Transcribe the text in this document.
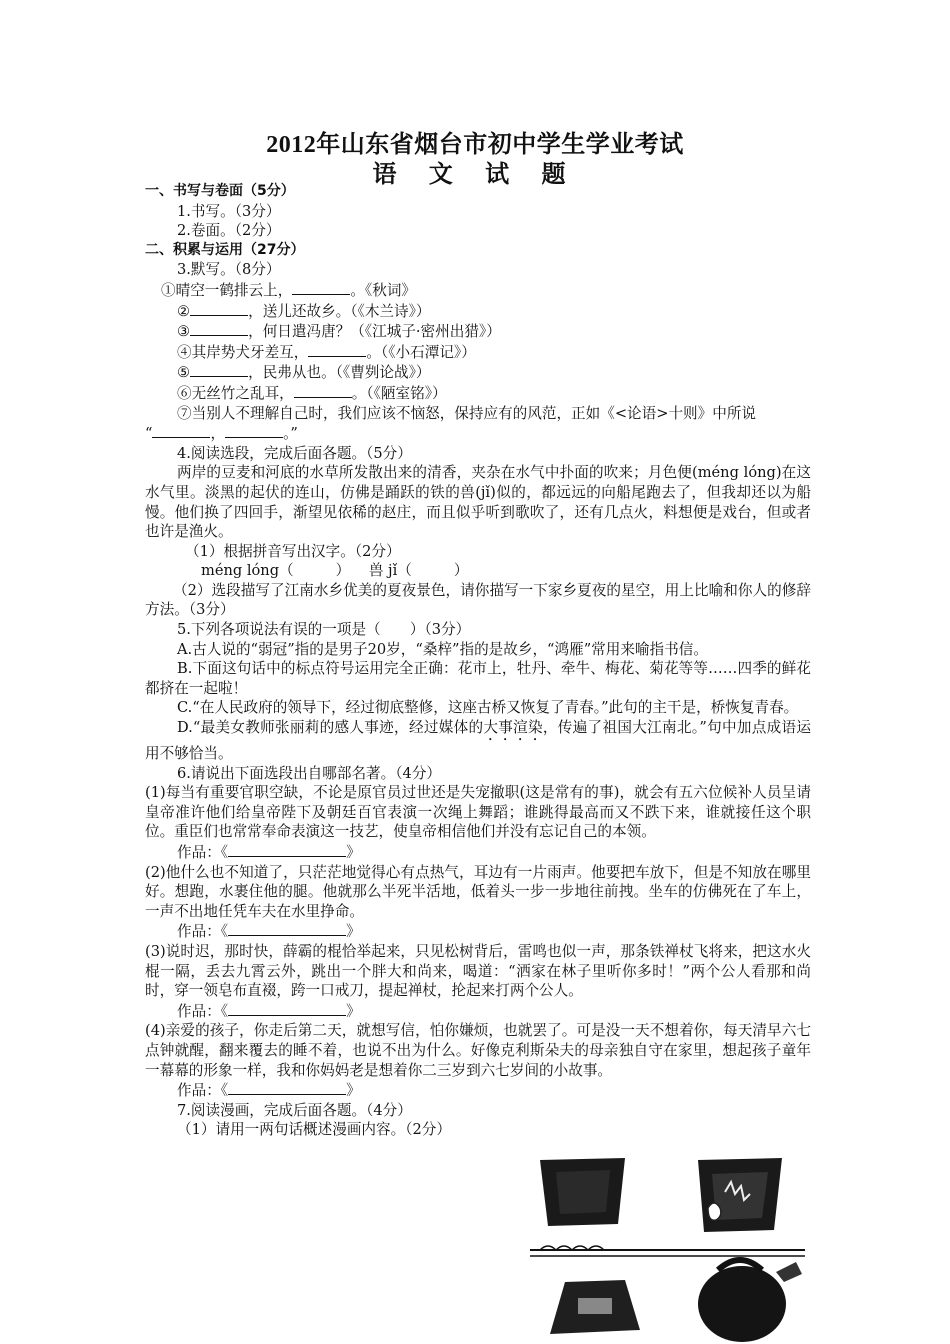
2012年山东省烟台市初中学生学业考试
语 文 试 题

一、书写与卷面（5分）

1.书写。（3分）

2.卷面。（2分）

二、积累与运用（27分）

3.默写。（8分）

①晴空一鹤排云上，	。《秋词》

②	，送儿还故乡。（《木兰诗》）

③	，何日遣冯唐？（《江城子·密州出猎》）

④其岸势犬牙差互，	。（《小石潭记》）

⑤	，民弗从也。（《曹刿论战》）

⑥无丝竹之乱耳，	。（《陋室铭》）

⑦当别人不理解自己时，我们应该不恼怒，保持应有的风范，正如《<论语>十则》中所说

“	，	。”

4.阅读选段，完成后面各题。（5分）

两岸的豆麦和河底的水草所发散出来的清香，夹杂在水气中扑面的吹来；月色便(méng lóng)在这水气里。淡黑的起伏的连山，仿佛是踊跃的铁的兽(jǐ)似的，都远远的向船尾跑去了，但我却还以为船慢。他们换了四回手，渐望见依稀的赵庄，而且似乎听到歌吹了，还有几点火，料想便是戏台，但或者也许是渔火。

（1）根据拼音写出汉字。（2分）

méng lóng（	） 兽 jǐ（	）

（2）选段描写了江南水乡优美的夏夜景色，请你描写一下家乡夏夜的星空，用上比喻和你人的修辞方法。（3分）

5.下列各项说法有误的一项是（　　）（3分）

A.古人说的“弱冠”指的是男子20岁，“桑梓”指的是故乡，“鸿雁”常用来喻指书信。

B.下面这句话中的标点符号运用完全正确：花市上，牡丹、牵牛、梅花、菊花等等……四季的鲜花都挤在一起啦！

C.“在人民政府的领导下，经过彻底整修，这座古桥又恢复了青春。”此句的主干是，桥恢复青春。

D.“最美女教师张丽莉的感人事迹，经过媒体的大事渲染，传遍了祖国大江南北。”句中加点成语运用不够恰当。

6.请说出下面选段出自哪部名著。（4分）

(1)每当有重要官职空缺，不论是原官员过世还是失宠撤职(这是常有的事)，就会有五六位候补人员呈请皇帝准许他们给皇帝陛下及朝廷百官表演一次绳上舞蹈；谁跳得最高而又不跌下来，谁就接任这个职位。重臣们也常常奉命表演这一技艺，使皇帝相信他们并没有忘记自己的本领。

作品：《	》

(2)他什么也不知道了，只茫茫地觉得心有点热气，耳边有一片雨声。他要把车放下，但是不知放在哪里好。想跑，水裹住他的腿。他就那么半死半活地，低着头一步一步地往前拽。坐车的仿佛死在了车上，一声不出地任凭车夫在水里挣命。

作品：《	》

(3)说时迟，那时快，薛霸的棍恰举起来，只见松树背后，雷鸣也似一声，那条铁禅杖飞将来，把这水火棍一隔，丢去九霄云外，跳出一个胖大和尚来，喝道：“洒家在林子里听你多时！”两个公人看那和尚时，穿一领皂布直裰，跨一口戒刀，提起禅杖，抡起来打两个公人。

作品：《	》

(4)亲爱的孩子，你走后第二天，就想写信，怕你嫌烦，也就罢了。可是没一天不想着你，每天清早六七点钟就醒，翻来覆去的睡不着，也说不出为什么。好像克利斯朵夫的母亲独自守在家里，想起孩子童年一幕幕的形象一样，我和你妈妈老是想着你二三岁到六七岁间的小故事。

作品：《	》

7.阅读漫画，完成后面各题。（4分）

（1）请用一两句话概述漫画内容。（2分）
